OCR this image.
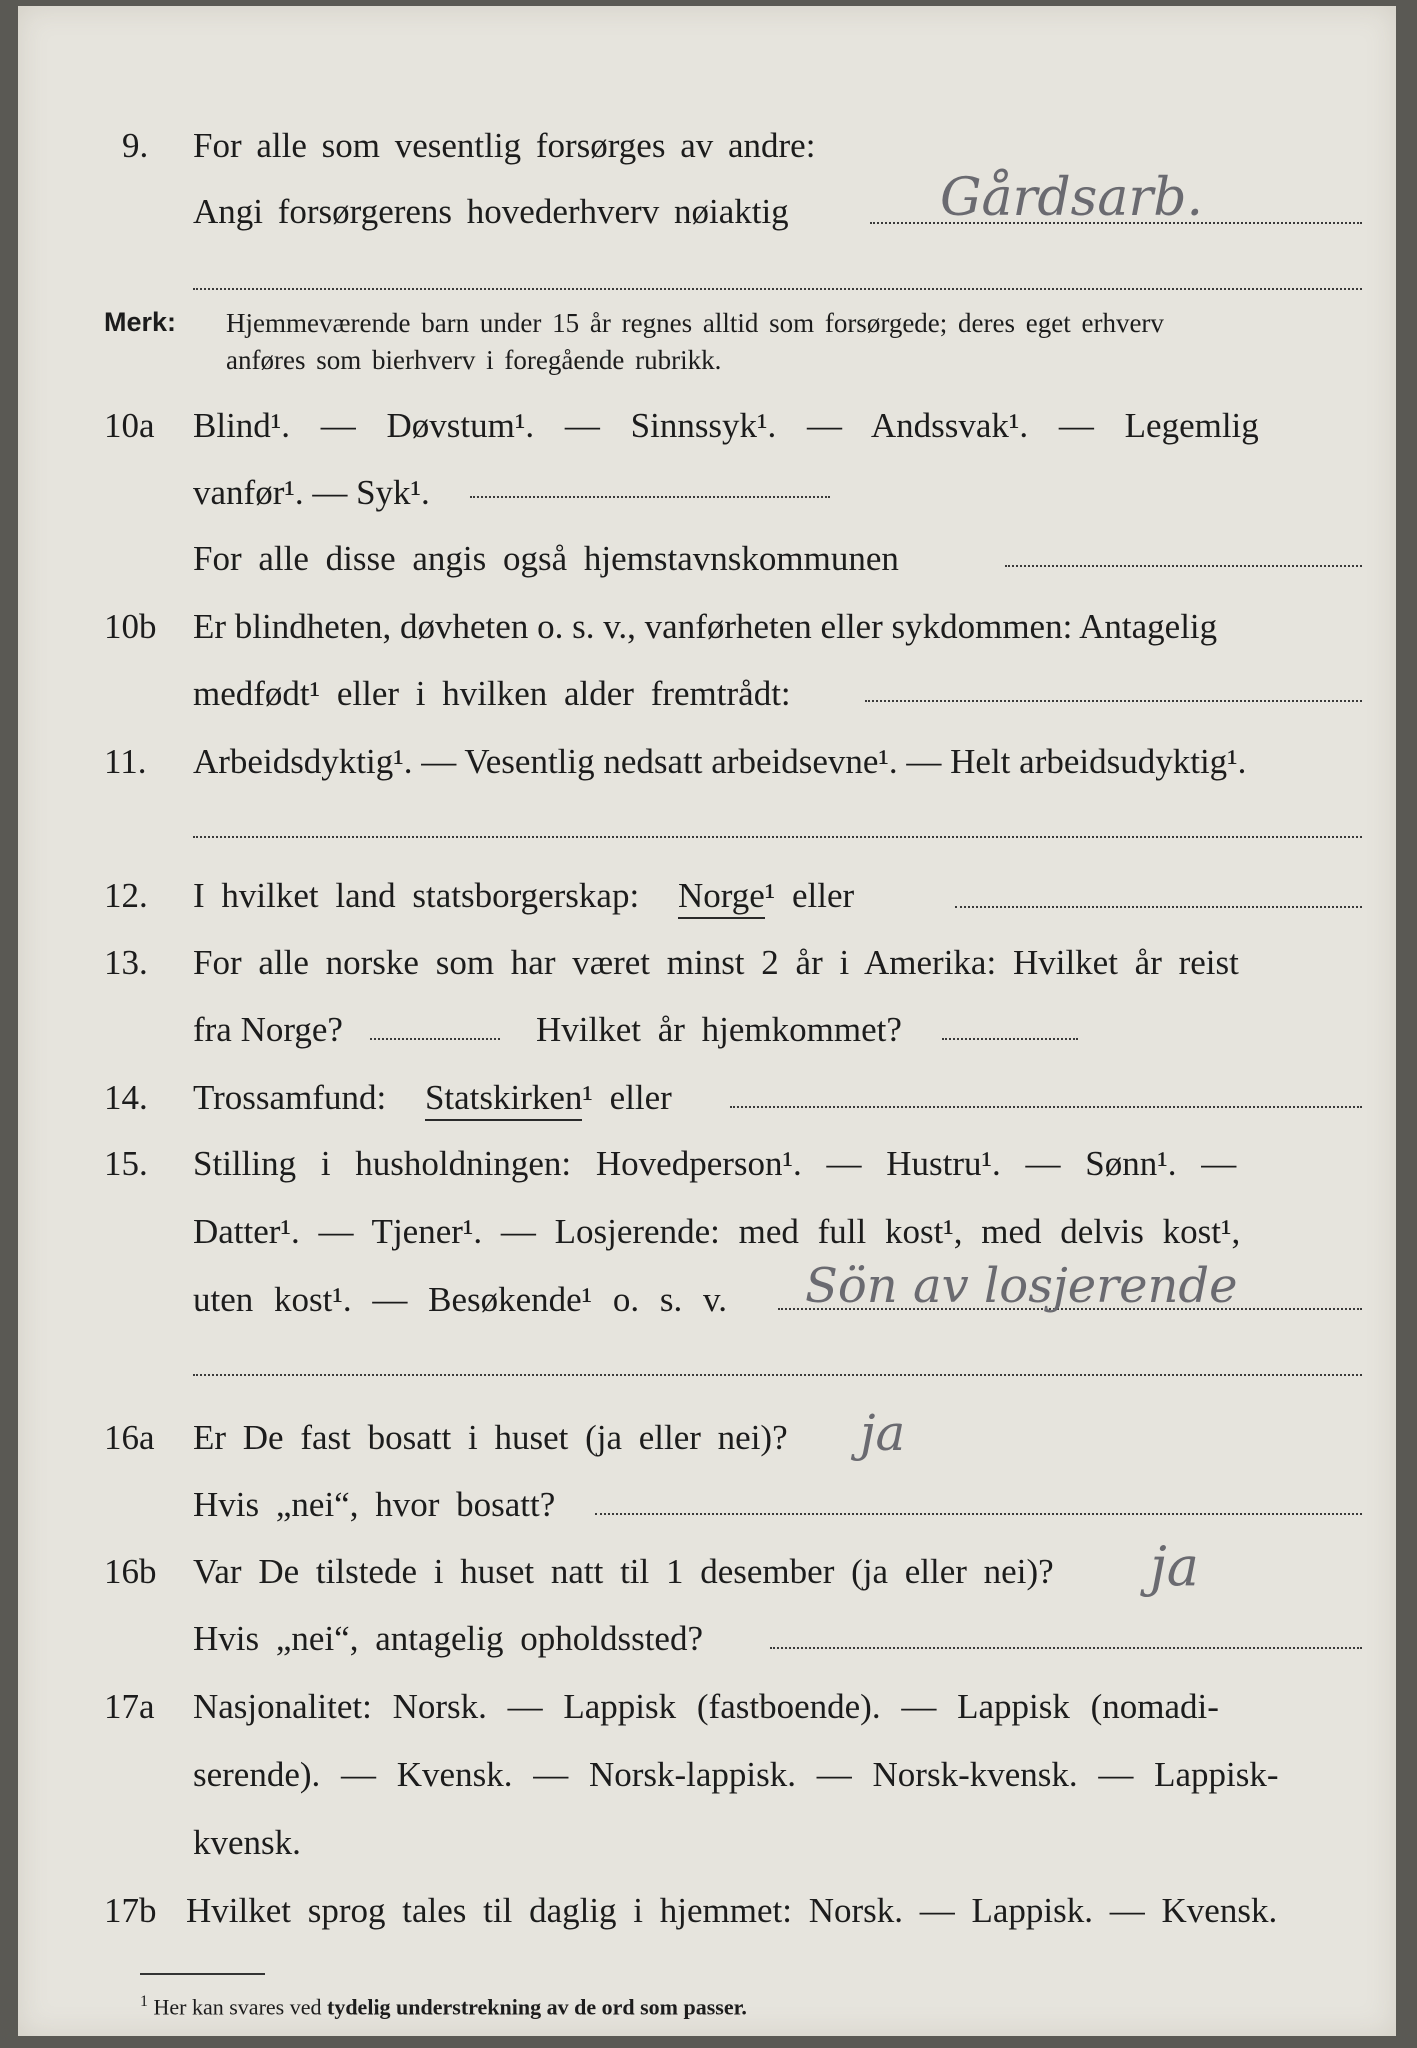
9. For alle som vesentlig forsørges av andre:
Angi forsørgerens hovederhverv nøiaktig	Gårdsarb.
Merk: Hjemmeværende barn under 15 år regnes alltid som forsørgede; deres eget erhverv
anføres som bierhverv i foregående rubrikk.
10a Blind¹. — Døvstum¹. — Sinnssyk¹. — Andssvak¹. — Legemlig
vanfør¹. — Syk¹.
For alle disse angis også hjemstavnskommunen
10b Er blindheten, døvheten o. s. v., vanførheten eller sykdommen: Antagelig
medfødt¹ eller i hvilken alder fremtrådt:
11. Arbeidsdyktig¹. — Vesentlig nedsatt arbeidsevne¹. — Helt arbeidsudyktig¹.
12. I hvilket land statsborgerskap: Norge¹ eller
13. For alle norske som har været minst 2 år i Amerika: Hvilket år reist
fra Norge?	Hvilket år hjemkommet?
14. Trossamfund: Statskirken¹ eller
15. Stilling i husholdningen: Hovedperson¹. — Hustru¹. — Sønn¹. —
Datter¹. — Tjener¹. — Losjerende: med full kost¹, med delvis kost¹,
uten kost¹. — Besøkende¹ o. s. v. Sön av losjerende
16a Er De fast bosatt i huset (ja eller nei)? ja
Hvis „nei“, hvor bosatt?
16b Var De tilstede i huset natt til 1 desember (ja eller nei)? ja
Hvis „nei“, antagelig opholdssted?
17a Nasjonalitet: Norsk. — Lappisk (fastboende). — Lappisk (nomadi-
serende). — Kvensk. — Norsk-lappisk. — Norsk-kvensk. — Lappisk-
kvensk.
17b Hvilket sprog tales til daglig i hjemmet: Norsk. — Lappisk. — Kvensk.
$^1$ Her kan svares ved tydelig understrekning av de ord som passer.
